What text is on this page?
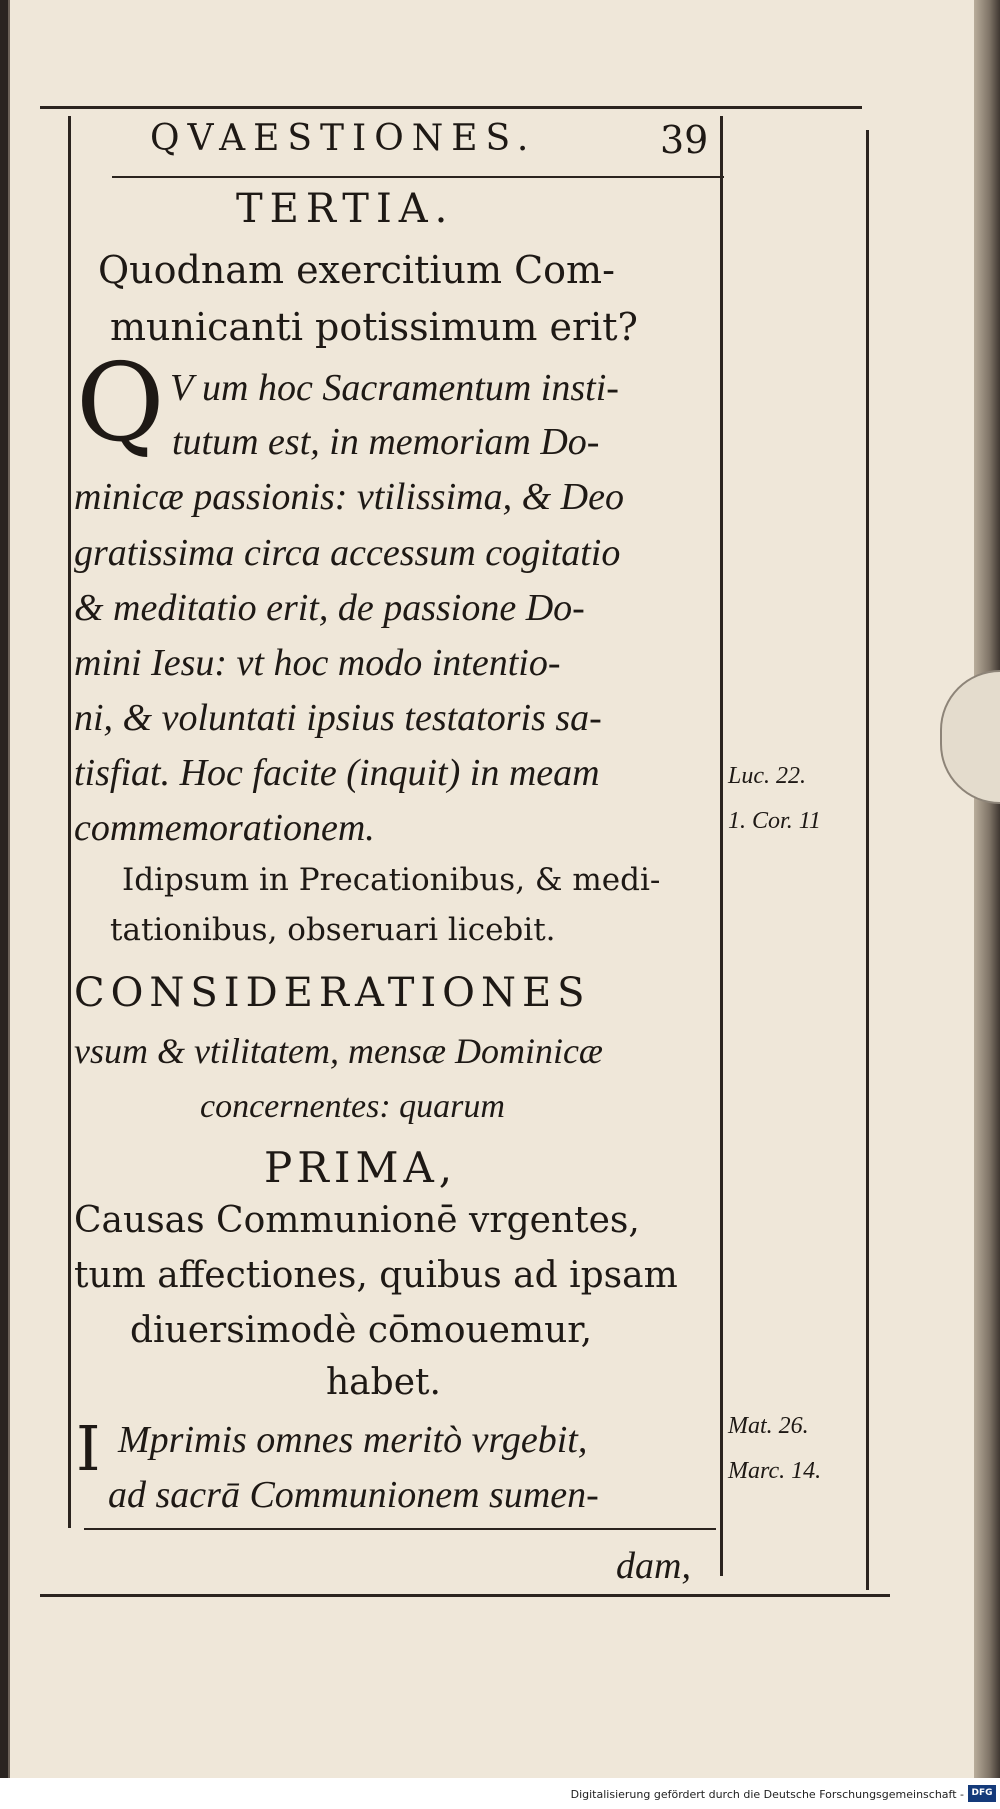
QVAESTIONES.	39
TERTIA.
Quodnam exercitium Com-
municanti potissimum erit?
Q V um hoc Sacramentum insti-
tutum est, in memoriam Do-
minicæ passionis: vtilissima, & Deo
gratissima circa accessum cogitatio
& meditatio erit, de passione Do-
mini Iesu: vt hoc modo intentio-
ni, & voluntati ipsius testatoris sa-
tisfiat. Hoc facite (inquit) in meam
commemorationem.
Idipsum in Precationibus, & medi-
tationibus, obseruari licebit.
CONSIDERATIONES
vsum & vtilitatem, mensæ Dominicæ
concernentes: quarum
PRIMA,
Causas Communionē vrgentes,
tum affectiones, quibus ad ipsam
diuersimodè cōmouemur,
habet.
I Mprimis omnes meritò vrgebit,
ad sacrā Communionem sumen-
dam,
Luc. 22.
1. Cor. 11
Mat. 26.
Marc. 14.
Digitalisierung gefördert durch die Deutsche Forschungsgemeinschaft - DFG
